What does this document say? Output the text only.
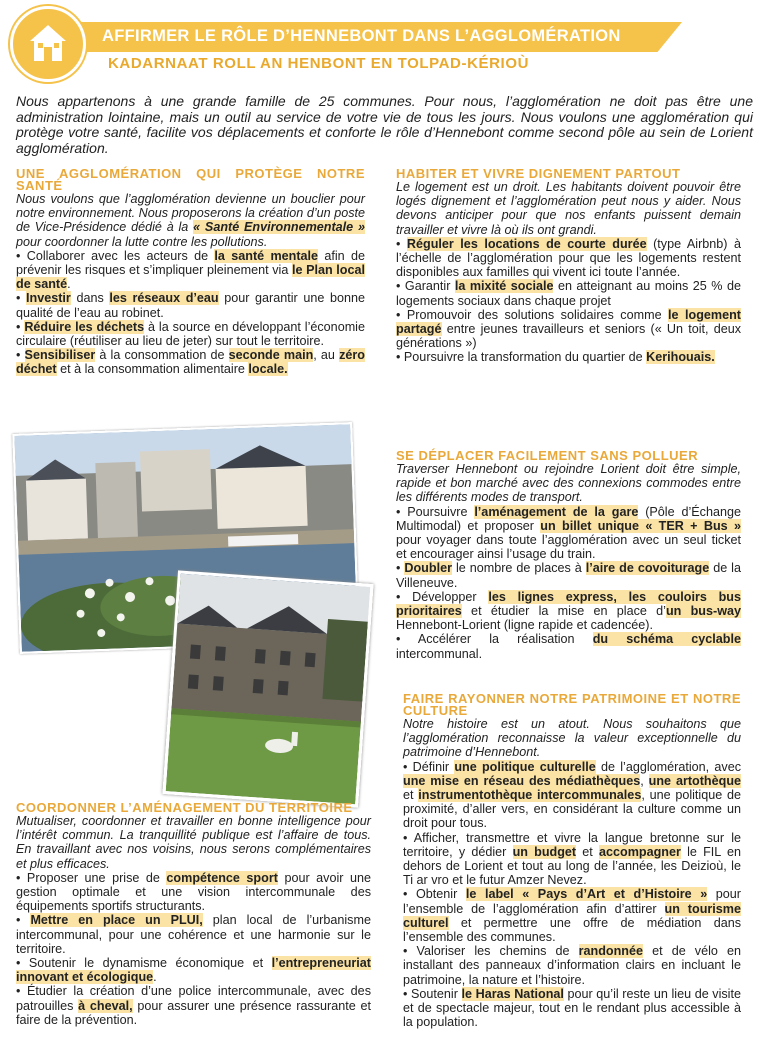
AFFIRMER LE RÔLE D’HENNEBONT DANS L’AGGLOMÉRATION
KADARNAAT ROLL AN HENBONT EN TOLPAD-KÉRIOÙ
Nous appartenons à une grande famille de 25 communes. Pour nous, l’agglomération ne doit pas être une administration lointaine, mais un outil au service de votre vie de tous les jours. Nous voulons une agglomération qui protège votre santé, facilite vos déplacements et conforte le rôle d’Hennebont comme second pôle au sein de Lorient agglomération.
UNE AGGLOMÉRATION QUI PROTÈGE NOTRE SANTÉ

Nous voulons que l’agglomération devienne un bouclier pour notre environnement. Nous proposerons la création d’un poste de Vice-Présidence dédié à la « Santé Environnementale » pour coordonner la lutte contre les pollutions.

• Collaborer avec les acteurs de la santé mentale afin de prévenir les risques et s’impliquer pleinement via le Plan local de santé.

• Investir dans les réseaux d’eau pour garantir une bonne qualité de l’eau au robinet.

• Réduire les déchets à la source en développant l’économie circulaire (réutiliser au lieu de jeter) sur tout le territoire.

• Sensibiliser à la consommation de seconde main, au zéro déchet et à la consommation alimentaire locale.

HABITER ET VIVRE DIGNEMENT PARTOUT

Le logement est un droit. Les habitants doivent pouvoir être logés dignement et l’agglomération peut nous y aider. Nous devons anticiper pour que nos enfants puissent demain travailler et vivre là où ils ont grandi.

• Réguler les locations de courte durée (type Airbnb) à l’échelle de l’agglomération pour que les logements restent disponibles aux familles qui vivent ici toute l’année.

• Garantir la mixité sociale en atteignant au moins 25 % de logements sociaux dans chaque projet

• Promouvoir des solutions solidaires comme le logement partagé entre jeunes travailleurs et seniors (« Un toit, deux générations »)

• Poursuivre la transformation du quartier de Kerihouais.

SE DÉPLACER FACILEMENT SANS POLLUER

Traverser Hennebont ou rejoindre Lorient doit être simple, rapide et bon marché avec des connexions commodes entre les différents modes de transport.

• Poursuivre l’aménagement de la gare (Pôle d’Échange Multimodal) et proposer un billet unique « TER + Bus » pour voyager dans toute l’agglomération avec un seul ticket et encourager ainsi l’usage du train.

• Doubler le nombre de places à l’aire de covoiturage de la Villeneuve.

• Développer les lignes express, les couloirs bus prioritaires et étudier la mise en place d’un bus-way Hennebont-Lorient (ligne rapide et cadencée).

• Accélérer la réalisation du schéma cyclable intercommunal.

FAIRE RAYONNER NOTRE PATRIMOINE ET NOTRE CULTURE

Notre histoire est un atout. Nous souhaitons que l’agglomération reconnaisse la valeur exceptionnelle du patrimoine d’Hennebont.

• Définir une politique culturelle de l’agglomération, avec une mise en réseau des médiathèques, une artothèque et instrumentothèque intercommunales, une politique de proximité, d’aller vers, en considérant la culture comme un droit pour tous.

• Afficher, transmettre et vivre la langue bretonne sur le territoire, y dédier un budget et accompagner le FIL en dehors de Lorient et tout au long de l’année, les Deizioù, le Ti ar vro et le futur Amzer Nevez.

• Obtenir le label « Pays d’Art et d’Histoire » pour l’ensemble de l’agglomération afin d’attirer un tourisme culturel et permettre une offre de médiation dans l’ensemble des communes.

• Valoriser les chemins de randonnée et de vélo en installant des panneaux d’information clairs en incluant le patrimoine, la nature et l’histoire.

• Soutenir le Haras National pour qu’il reste un lieu de visite et de spectacle majeur, tout en le rendant plus accessible à la population.

COORDONNER L’AMÉNAGEMENT DU TERRITOIRE

Mutualiser, coordonner et travailler en bonne intelligence pour l’intérêt commun. La tranquillité publique est l’affaire de tous. En travaillant avec nos voisins, nous serons complémentaires et plus efficaces.

• Proposer une prise de compétence sport pour avoir une gestion optimale et une vision intercommunale des équipements sportifs structurants.

• Mettre en place un PLUI, plan local de l’urbanisme intercommunal, pour une cohérence et une harmonie sur le territoire.

• Soutenir le dynamisme économique et l’entrepreneuriat innovant et écologique.

• Étudier la création d’une police intercommunale, avec des patrouilles à cheval, pour assurer une présence rassurante et faire de la prévention.
